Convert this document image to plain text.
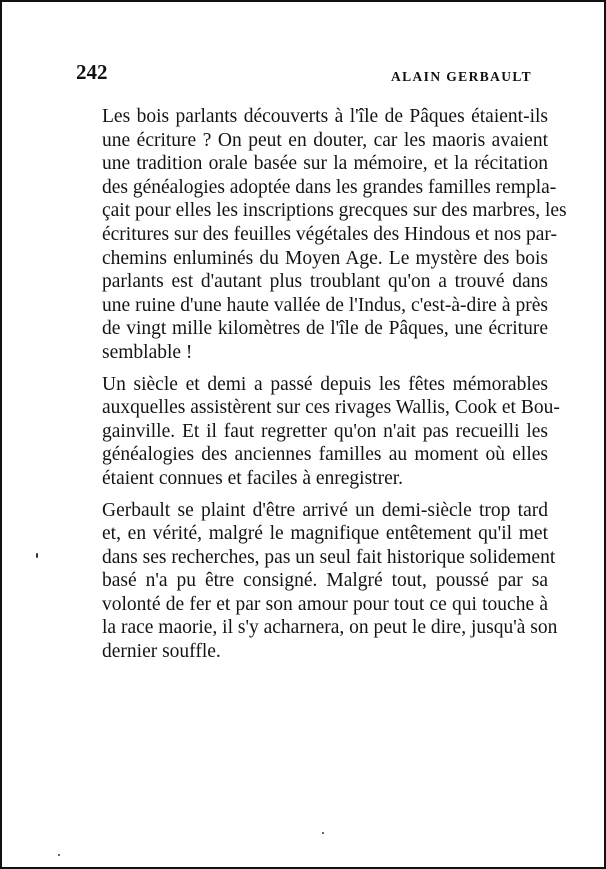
242	ALAIN GERBAULT

Les bois parlants découverts à l'île de Pâques étaient-ils
une écriture ? On peut en douter, car les maoris avaient
une tradition orale basée sur la mémoire, et la récitation
des généalogies adoptée dans les grandes familles rempla-
çait pour elles les inscriptions grecques sur des marbres, les
écritures sur des feuilles végétales des Hindous et nos par-
chemins enluminés du Moyen Age. Le mystère des bois
parlants est d'autant plus troublant qu'on a trouvé dans
une ruine d'une haute vallée de l'Indus, c'est-à-dire à près
de vingt mille kilomètres de l'île de Pâques, une écriture
semblable !

Un siècle et demi a passé depuis les fêtes mémorables
auxquelles assistèrent sur ces rivages Wallis, Cook et Bou-
gainville. Et il faut regretter qu'on n'ait pas recueilli les
généalogies des anciennes familles au moment où elles
étaient connues et faciles à enregistrer.

Gerbault se plaint d'être arrivé un demi-siècle trop tard
et, en vérité, malgré le magnifique entêtement qu'il met
dans ses recherches, pas un seul fait historique solidement
basé n'a pu être consigné. Malgré tout, poussé par sa
volonté de fer et par son amour pour tout ce qui touche à
la race maorie, il s'y acharnera, on peut le dire, jusqu'à son
dernier souffle.
